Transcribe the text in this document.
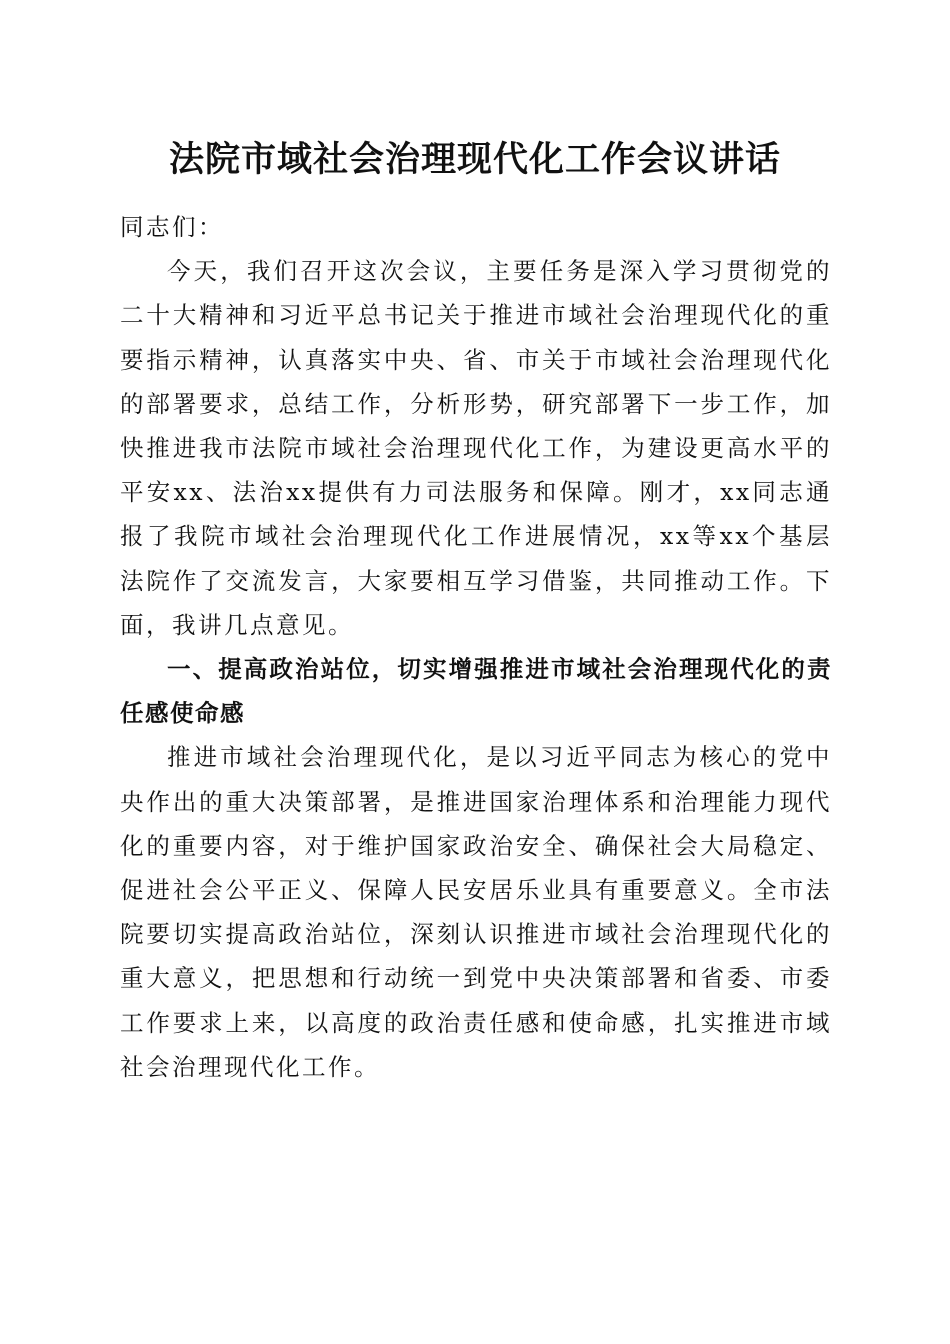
法院市域社会治理现代化工作会议讲话

同志们：

今天，我们召开这次会议，主要任务是深入学习贯彻党的二十大精神和习近平总书记关于推进市域社会治理现代化的重要指示精神，认真落实中央、省、市关于市域社会治理现代化的部署要求，总结工作，分析形势，研究部署下一步工作，加快推进我市法院市域社会治理现代化工作，为建设更高水平的平安xx、法治xx提供有力司法服务和保障。刚才，xx同志通报了我院市域社会治理现代化工作进展情况，xx等xx个基层法院作了交流发言，大家要相互学习借鉴，共同推动工作。下面，我讲几点意见。

一、提高政治站位，切实增强推进市域社会治理现代化的责任感使命感

推进市域社会治理现代化，是以习近平同志为核心的党中央作出的重大决策部署，是推进国家治理体系和治理能力现代化的重要内容，对于维护国家政治安全、确保社会大局稳定、促进社会公平正义、保障人民安居乐业具有重要意义。全市法院要切实提高政治站位，深刻认识推进市域社会治理现代化的重大意义，把思想和行动统一到党中央决策部署和省委、市委工作要求上来，以高度的政治责任感和使命感，扎实推进市域社会治理现代化工作。
